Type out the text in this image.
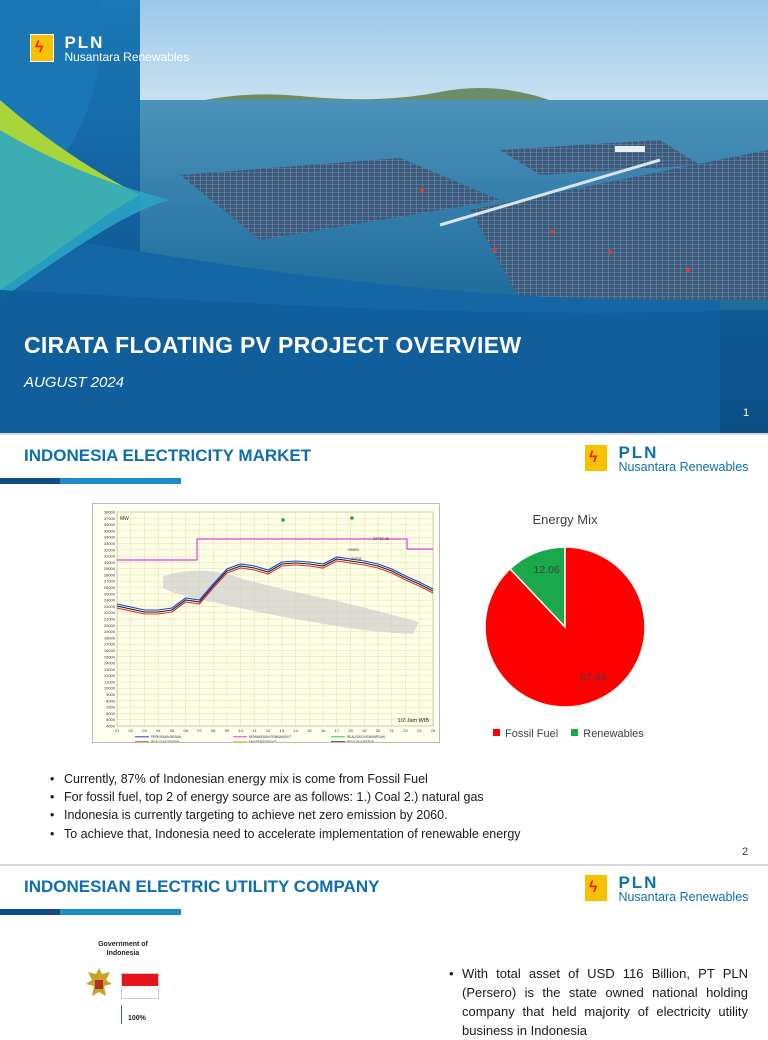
ϟ
PLN
Nusantara Renewables
CIRATA FLOATING PV PROJECT OVERVIEW
AUGUST 2024
1
INDONESIA ELECTRICITY MARKET	ϟ
PLN
Nusantara Renewables
38000
37000
36000
35000
34000
33000
32000
31000
30000
29000
28000
27000
26000
25000
24000
23000
22000
21000
20000
19000
18000
17000
16000
15000
14000
13000
12000
11000
10000
9000
8000
7000
6000
5000
4000
01 02 03 04 05 06 07 08 09 10 11 12 13 14 15 16 17 18 19 20 21 22 23 24
MW
1/2 Jam WIB
29869
30836
33792,46
PERKIRAAN BEBAN	KEMAMPUAN PEMBANGKIT	REALISASI KEMAMPUAN
REALISASI BEBAN	MW PEMBANGKIT	RENCANA/BEBAN
Energy Mix
12.06
87.94
Fossil Fuel Renewables
• Currently, 87% of Indonesian energy mix is come from Fossil Fuel
• For fossil fuel, top 2 of energy source are as follows: 1.) Coal 2.) natural gas
• Indonesia is currently targeting to achieve net zero emission by 2060.
• To achieve that, Indonesia need to accelerate implementation of renewable energy
2
INDONESIAN ELECTRIC UTILITY COMPANY	ϟ
PLN
Nusantara Renewables
Government of Indonesia
100%
• With total asset of USD 116 Billion, PT PLN (Persero) is the state owned national holding company that held majority of electricity utility business in Indonesia
